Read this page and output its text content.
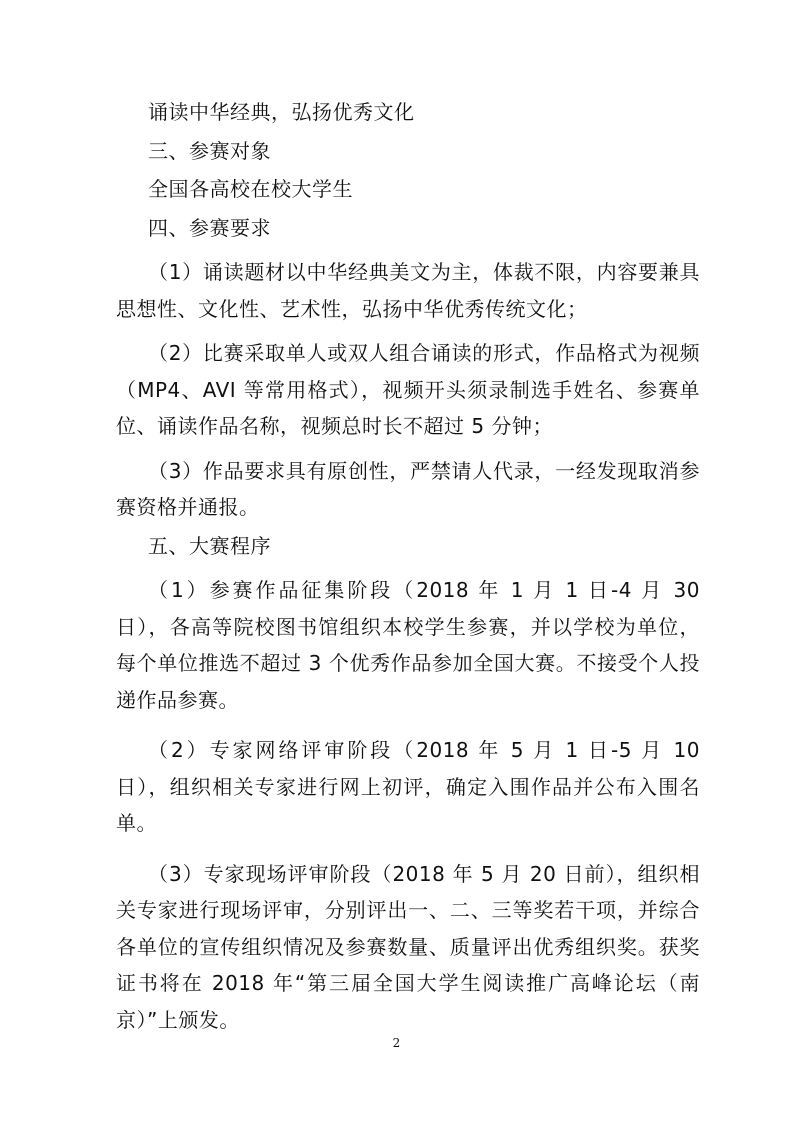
诵读中华经典，弘扬优秀文化

三、参赛对象

全国各高校在校大学生

四、参赛要求

（1）诵读题材以中华经典美文为主，体裁不限，内容要兼具思想性、文化性、艺术性，弘扬中华优秀传统文化；

（2）比赛采取单人或双人组合诵读的形式，作品格式为视频（MP4、AVI 等常用格式），视频开头须录制选手姓名、参赛单位、诵读作品名称，视频总时长不超过 5 分钟；

（3）作品要求具有原创性，严禁请人代录，一经发现取消参赛资格并通报。

五、大赛程序

（1）参赛作品征集阶段（2018 年 1 月 1 日-4 月 30 日），各高等院校图书馆组织本校学生参赛，并以学校为单位，每个单位推选不超过 3 个优秀作品参加全国大赛。不接受个人投递作品参赛。

（2）专家网络评审阶段（2018 年 5 月 1 日-5 月 10 日），组织相关专家进行网上初评，确定入围作品并公布入围名单。

（3）专家现场评审阶段（2018 年 5 月 20 日前），组织相关专家进行现场评审，分别评出一、二、三等奖若干项，并综合各单位的宣传组织情况及参赛数量、质量评出优秀组织奖。获奖证书将在 2018 年“第三届全国大学生阅读推广高峰论坛（南京）”上颁发。

2
